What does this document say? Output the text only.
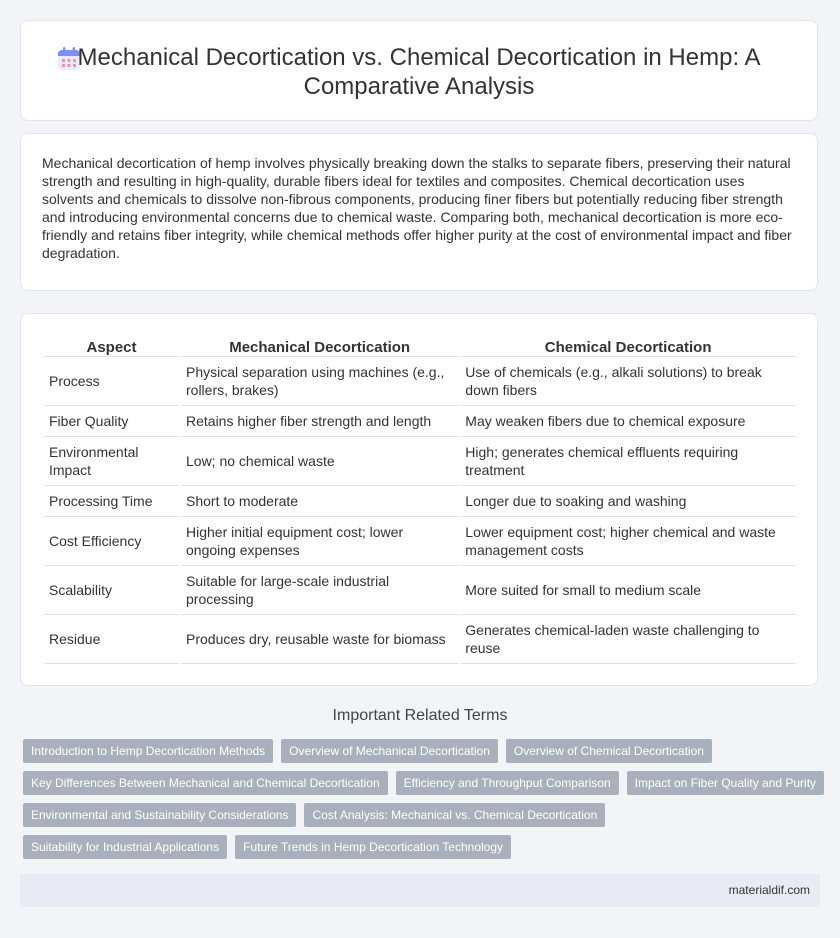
Mechanical Decortication vs. Chemical Decortication in Hemp: A Comparative Analysis
Mechanical decortication of hemp involves physically breaking down the stalks to separate fibers, preserving their natural strength and resulting in high-quality, durable fibers ideal for textiles and composites. Chemical decortication uses solvents and chemicals to dissolve non-fibrous components, producing finer fibers but potentially reducing fiber strength and introducing environmental concerns due to chemical waste. Comparing both, mechanical decortication is more eco-friendly and retains fiber integrity, while chemical methods offer higher purity at the cost of environmental impact and fiber degradation.
Aspect	Mechanical Decortication	Chemical Decortication
Process	Physical separation using machines (e.g., rollers, brakes)	Use of chemicals (e.g., alkali solutions) to break down fibers
Fiber Quality	Retains higher fiber strength and length	May weaken fibers due to chemical exposure
Environmental Impact	Low; no chemical waste	High; generates chemical effluents requiring treatment
Processing Time	Short to moderate	Longer due to soaking and washing
Cost Efficiency	Higher initial equipment cost; lower ongoing expenses	Lower equipment cost; higher chemical and waste management costs
Scalability	Suitable for large-scale industrial processing	More suited for small to medium scale
Residue	Produces dry, reusable waste for biomass	Generates chemical-laden waste challenging to reuse
Important Related Terms
Introduction to Hemp Decortication Methods	Overview of Mechanical Decortication	Overview of Chemical Decortication
Key Differences Between Mechanical and Chemical Decortication	Efficiency and Throughput Comparison	Impact on Fiber Quality and Purity
Environmental and Sustainability Considerations	Cost Analysis: Mechanical vs. Chemical Decortication
Suitability for Industrial Applications	Future Trends in Hemp Decortication Technology
materialdif.com
